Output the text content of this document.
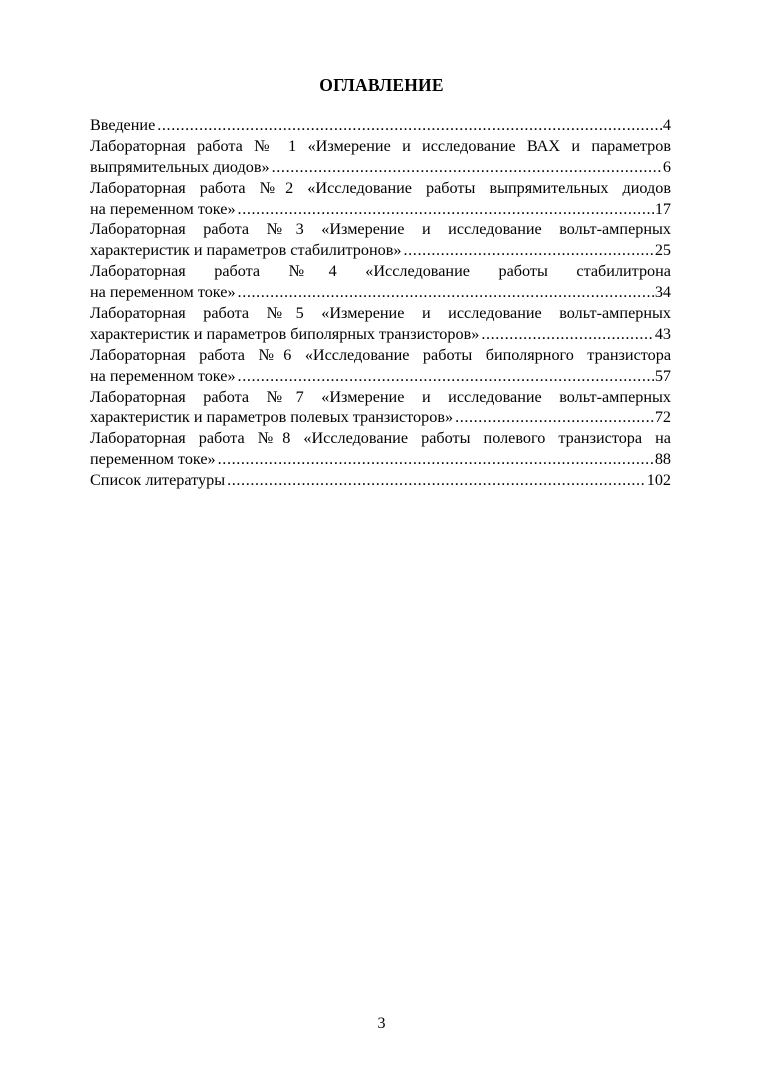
ОГЛАВЛЕНИЕ
Введение .....	4
Лабораторная работа № 1 «Измерение и исследование ВАХ и параметров
выпрямительных диодов» .....	6
Лабораторная работа №2 «Исследование работы выпрямительных диодов
на переменном токе» .....	17
Лабораторная работа №3 «Измерение и исследование вольт-амперных
характеристик и параметров стабилитронов» .....	25
Лабораторная работа №4 «Исследование работы стабилитрона
на переменном токе» .....	34
Лабораторная работа №5 «Измерение и исследование вольт-амперных
характеристик и параметров биполярных транзисторов» .....	43
Лабораторная работа №6 «Исследование работы биполярного транзистора
на переменном токе» .....	57
Лабораторная работа №7 «Измерение и исследование вольт-амперных
характеристик и параметров полевых транзисторов» .....	72
Лабораторная работа №8 «Исследование работы полевого транзистора на
переменном токе» .....	88
Список литературы .....	102
3
